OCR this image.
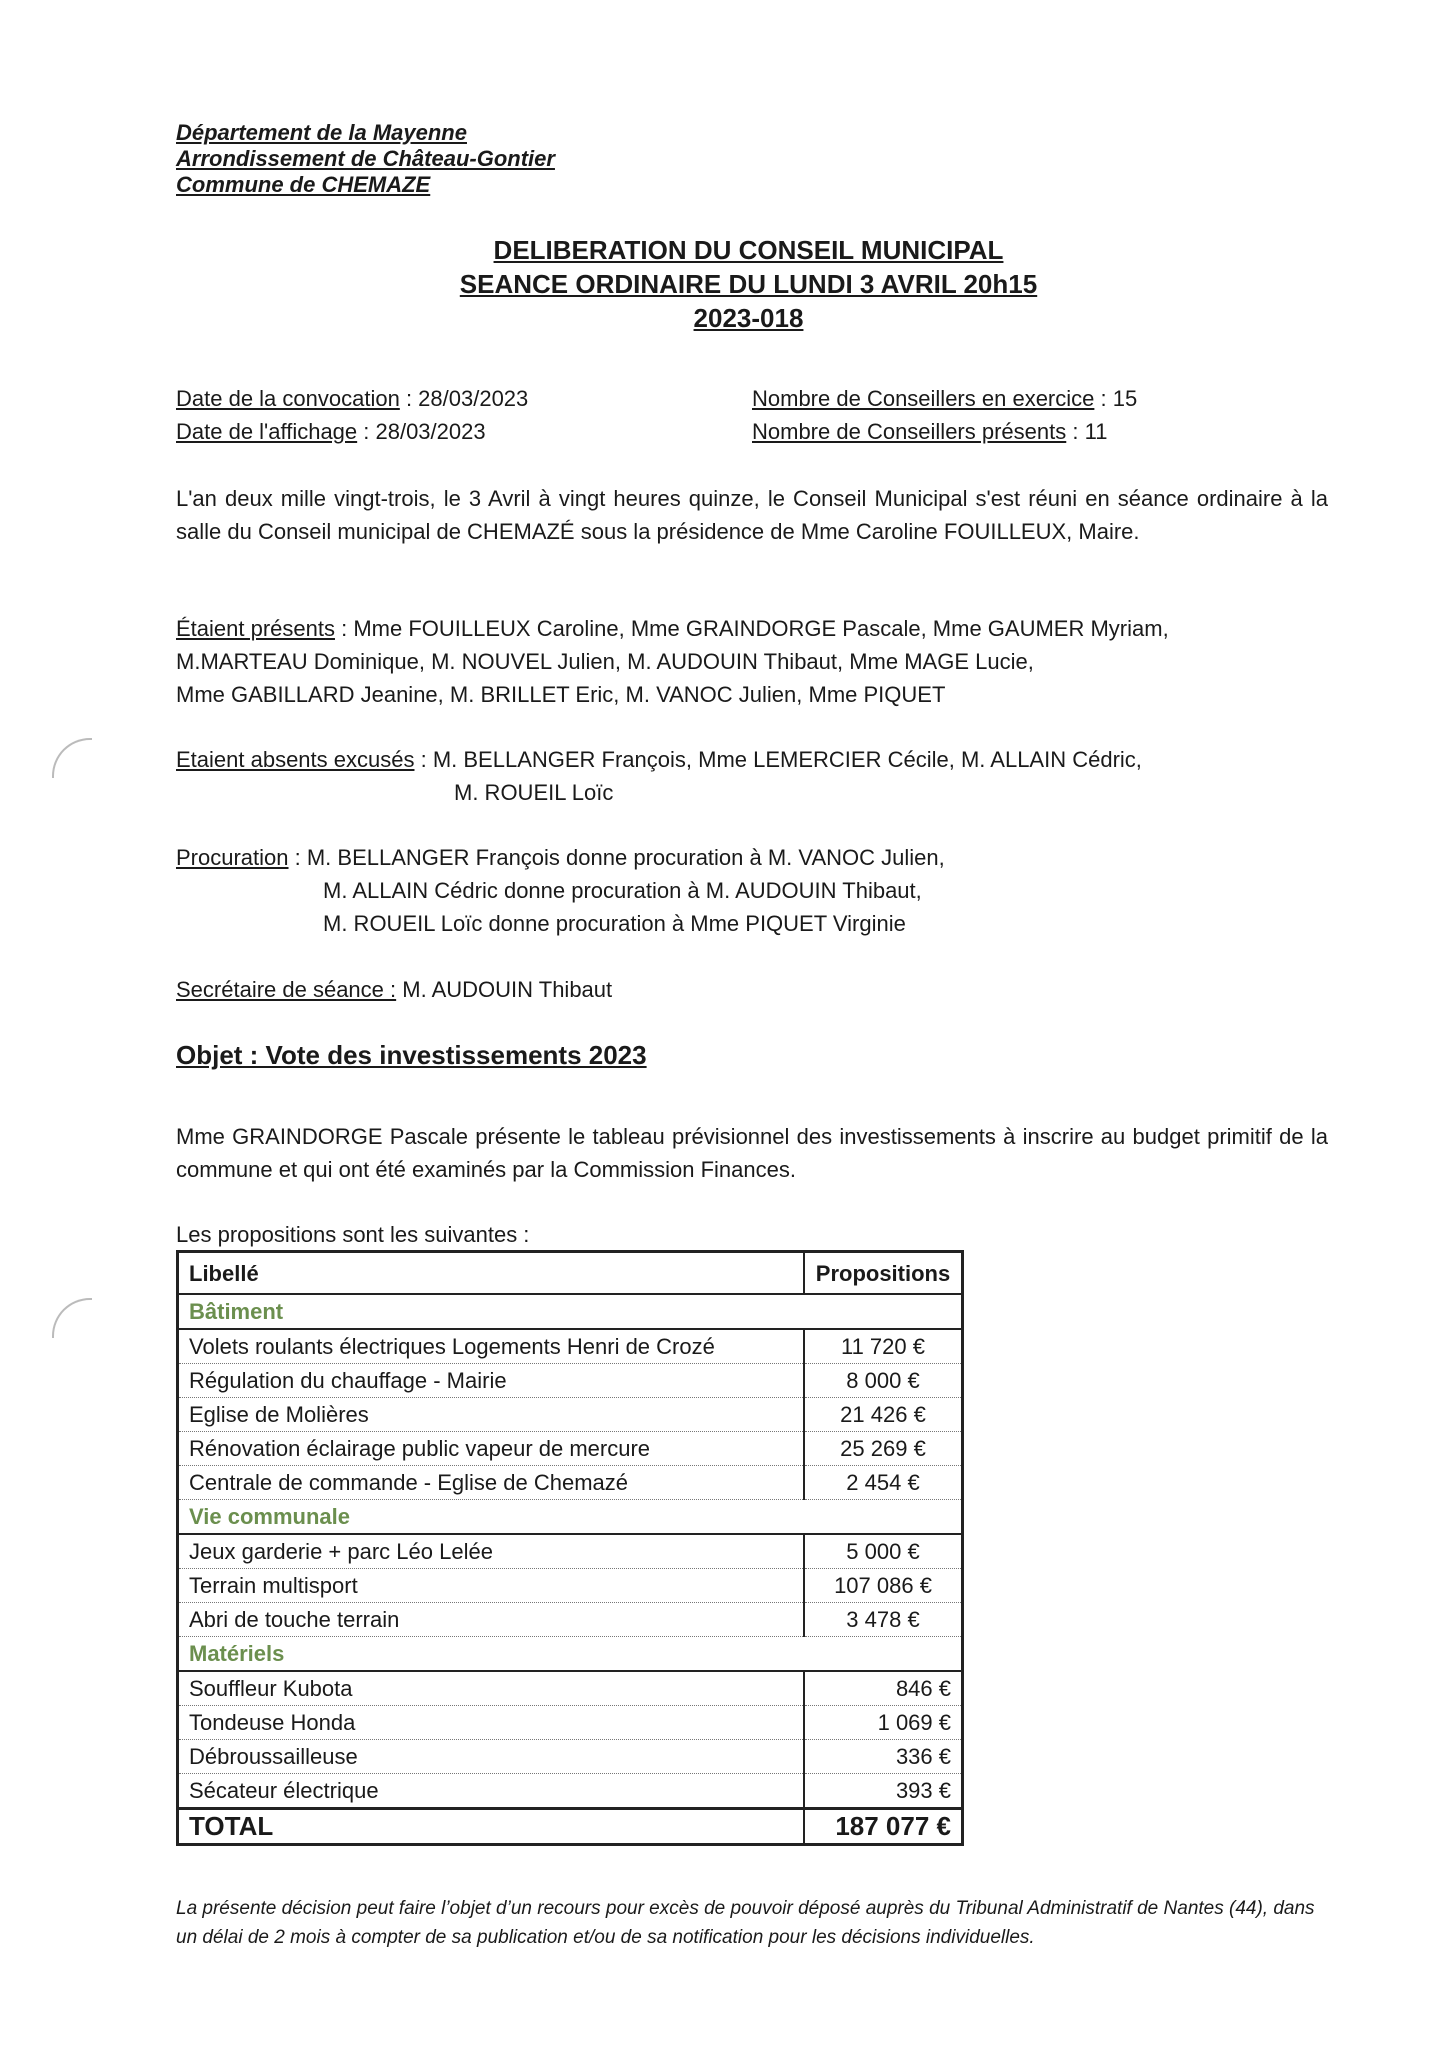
Département de la Mayenne
Arrondissement de Château-Gontier
Commune de CHEMAZE
DELIBERATION DU CONSEIL MUNICIPAL
SEANCE ORDINAIRE DU LUNDI 3 AVRIL 20h15
2023-018
Date de la convocation : 28/03/2023
Date de l'affichage : 28/03/2023
Nombre de Conseillers en exercice : 15
Nombre de Conseillers présents : 11
L'an deux mille vingt-trois, le 3 Avril à vingt heures quinze, le Conseil Municipal s'est réuni en séance ordinaire à la salle du Conseil municipal de CHEMAZÉ sous la présidence de Mme Caroline FOUILLEUX, Maire.
Étaient présents : Mme FOUILLEUX Caroline, Mme GRAINDORGE Pascale, Mme GAUMER Myriam,
M.MARTEAU Dominique, M. NOUVEL Julien, M. AUDOUIN Thibaut, Mme MAGE Lucie,
Mme GABILLARD Jeanine, M. BRILLET Eric, M. VANOC Julien, Mme PIQUET
Etaient absents excusés : M. BELLANGER François, Mme LEMERCIER Cécile, M. ALLAIN Cédric,
M. ROUEIL Loïc
Procuration : M. BELLANGER François donne procuration à M. VANOC Julien,
M. ALLAIN Cédric donne procuration à M. AUDOUIN Thibaut,
M. ROUEIL Loïc donne procuration à Mme PIQUET Virginie
Secrétaire de séance : M. AUDOUIN Thibaut
Objet : Vote des investissements 2023
Mme GRAINDORGE Pascale présente le tableau prévisionnel des investissements à inscrire au budget primitif de la commune et qui ont été examinés par la Commission Finances.
Les propositions sont les suivantes :
Libellé	Propositions
Bâtiment	
Volets roulants électriques Logements Henri de Crozé	11 720 €
Régulation du chauffage - Mairie	8 000 €
Eglise de Molières	21 426 €
Rénovation éclairage public vapeur de mercure	25 269 €
Centrale de commande - Eglise de Chemazé	2 454 €
Vie communale	
Jeux garderie + parc Léo Lelée	5 000 €
Terrain multisport	107 086 €
Abri de touche terrain	3 478 €
Matériels	
Souffleur Kubota	846 €
Tondeuse Honda	1 069 €
Débroussailleuse	336 €
Sécateur électrique	393 €
TOTAL	187 077 €
La présente décision peut faire l’objet d’un recours pour excès de pouvoir déposé auprès du Tribunal Administratif de Nantes (44), dans un délai de 2 mois à compter de sa publication et/ou de sa notification pour les décisions individuelles.
